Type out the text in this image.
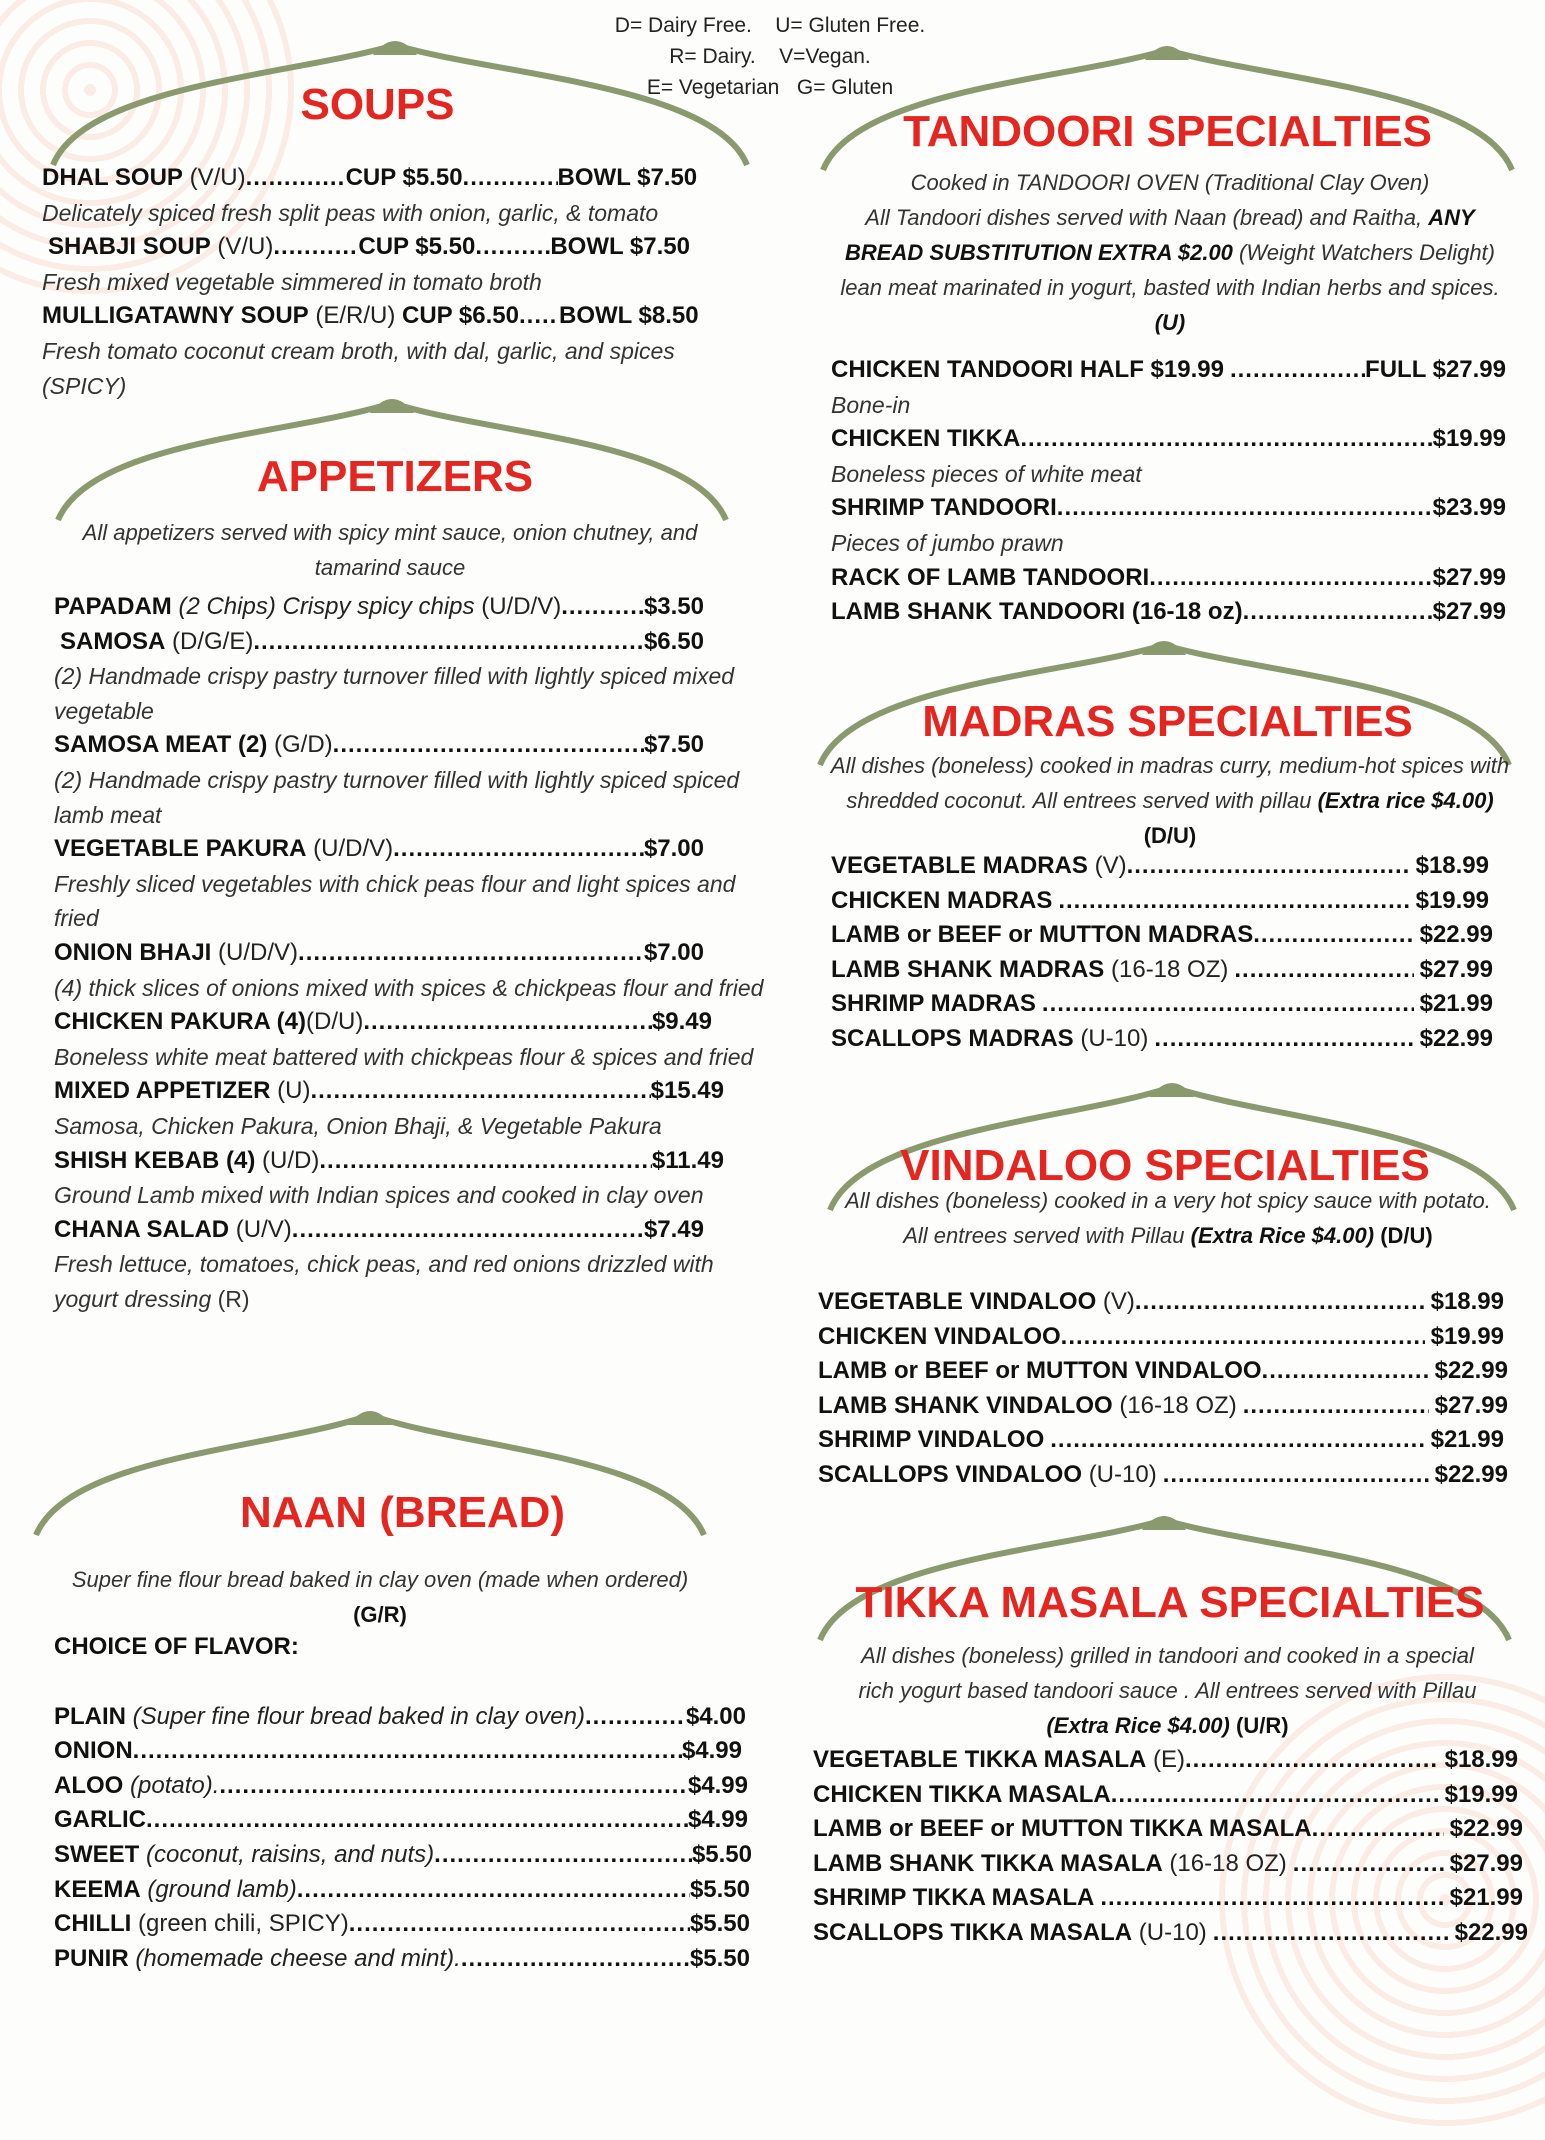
D= Dairy Free.    U= Gluten Free.
R= Dairy.    V=Vegan.
E= Vegetarian   G= Gluten
SOUPS
DHAL SOUP
(V/U) .....	CUP $5.50 .....	BOWL $7.50
Delicately spiced fresh split peas with onion, garlic, & tomato
SHABJI SOUP
(V/U) .....	CUP $5.50 .....	BOWL $7.50
Fresh mixed vegetable simmered in tomato broth
MULLIGATAWNY SOUP
(E/R/U)
CUP $6.50 ..... BOWL $8.50
Fresh tomato coconut cream broth, with dal, garlic, and spices (SPICY)
APPETIZERS
All appetizers served with spicy mint sauce, onion chutney, and tamarind sauce
PAPADAM
(2 Chips) Crispy spicy chips
(U/D/V) .....	$3.50
SAMOSA
(D/G/E) .....	$6.50
(2) Handmade crispy pastry turnover filled with lightly spiced mixed vegetable
SAMOSA MEAT (2)
(G/D) .....	$7.50
(2) Handmade crispy pastry turnover filled with lightly spiced spiced lamb meat
VEGETABLE PAKURA
(U/D/V) .....	$7.00
Freshly sliced vegetables with chick peas flour and light spices and fried
ONION BHAJI
(U/D/V) .....	$7.00
(4) thick slices of onions mixed with spices & chickpeas flour and fried
CHICKEN PAKURA (4) (D/U) .....	$9.49
Boneless white meat battered with chickpeas flour & spices and fried
MIXED APPETIZER
(U) .....	$15.49
Samosa, Chicken Pakura, Onion Bhaji, & Vegetable Pakura
SHISH KEBAB (4)
(U/D) .....	$11.49
Ground Lamb mixed with Indian spices and cooked in clay oven
CHANA SALAD
(U/V) .....	$7.49
Fresh lettuce, tomatoes, chick peas, and red onions drizzled with yogurt dressing (R)
NAAN (BREAD)
Super fine flour bread baked in clay oven (made when ordered) (G/R)
CHOICE OF FLAVOR:
PLAIN
(Super fine flour bread baked in clay oven) .....	$4.00
ONION .....	$4.99
ALOO
(potato). .....	$4.99
GARLIC .....	$4.99
SWEET
(coconut, raisins, and nuts) .....	$5.50
KEEMA
(ground lamb) .....	$5.50
CHILLI
(green chili, SPICY) .....	$5.50
PUNIR
(homemade cheese and mint). .....	$5.50
TANDOORI SPECIALTIES
Cooked in TANDOORI OVEN (Traditional Clay Oven)
All Tandoori dishes served with Naan (bread) and Raitha, ANY BREAD SUBSTITUTION EXTRA $2.00 (Weight Watchers Delight) lean meat marinated in yogurt, basted with Indian herbs and spices. (U)
CHICKEN TANDOORI HALF $19.99 .....	FULL $27.99
Bone-in
CHICKEN TIKKA .....	$19.99
Boneless pieces of white meat
SHRIMP TANDOORI .....	$23.99
Pieces of jumbo prawn
RACK OF LAMB TANDOORI .....	$27.99
LAMB SHANK TANDOORI (16-18 oz) .....	$27.99
MADRAS SPECIALTIES
All dishes (boneless) cooked in madras curry, medium-hot spices with shredded coconut. All entrees served with pillau (Extra rice $4.00) (D/U)
VEGETABLE MADRAS
(V) .....	$18.99
CHICKEN MADRAS .....	$19.99
LAMB or BEEF or MUTTON MADRAS .....	$22.99
LAMB SHANK MADRAS
(16-18 OZ) .....	$27.99
SHRIMP MADRAS .....	$21.99
SCALLOPS MADRAS
(U-10) .....	$22.99
VINDALOO SPECIALTIES
All dishes (boneless) cooked in a very hot spicy sauce with potato. All entrees served with Pillau (Extra Rice $4.00) (D/U)
VEGETABLE VINDALOO
(V) .....	$18.99
CHICKEN VINDALOO .....	$19.99
LAMB or BEEF or MUTTON VINDALOO .....	$22.99
LAMB SHANK VINDALOO
(16-18 OZ) .....	$27.99
SHRIMP VINDALOO .....	$21.99
SCALLOPS VINDALOO
(U-10) .....	$22.99
TIKKA MASALA SPECIALTIES
All dishes (boneless) grilled in tandoori and cooked in a special rich yogurt based tandoori sauce . All entrees served with Pillau (Extra Rice $4.00) (U/R)
VEGETABLE TIKKA MASALA
(E) .....	$18.99
CHICKEN TIKKA MASALA .....	$19.99
LAMB or BEEF or MUTTON TIKKA MASALA .....	$22.99
LAMB SHANK TIKKA MASALA
(16-18 OZ) .....	$27.99
SHRIMP TIKKA MASALA .....	$21.99
SCALLOPS TIKKA MASALA
(U-10) .....	$22.99
